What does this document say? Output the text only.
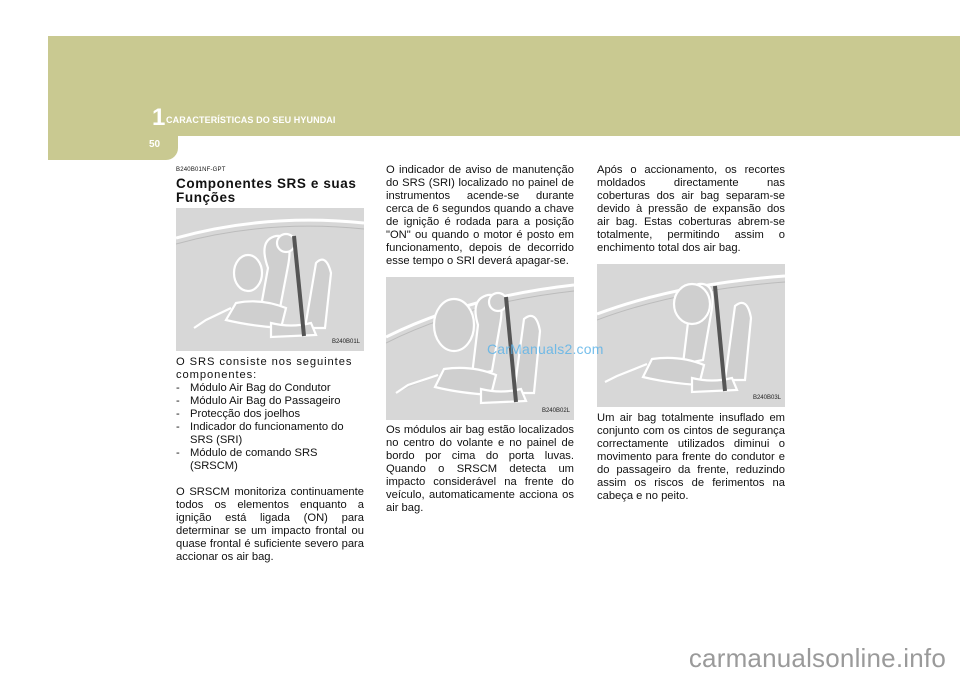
1 CARACTERÍSTICAS DO SEU HYUNDAI
50

B240B01NF-GPT

Componentes SRS e suas Funções

B240B01L

O SRS consiste nos seguintes componentes:

- Módulo Air Bag do Condutor
- Módulo Air Bag do Passageiro
- Protecção dos joelhos
- Indicador do funcionamento do SRS (SRI)
- Módulo de comando SRS (SRSCM)

O SRSCM monitoriza continuamente todos os elementos enquanto a ignição está ligada (ON) para determinar se um impacto frontal ou quase frontal é suficiente severo para accionar os air bag.

O indicador de aviso de manutenção do SRS (SRI) localizado no painel de instrumentos acende-se durante cerca de 6 segundos quando a chave de ignição é rodada para a posição "ON" ou quando o motor é posto em funcionamento, depois de decorrido esse tempo o SRI deverá apagar-se.

B240B02L

Os módulos air bag estão localizados no centro do volante e no painel de bordo por cima do porta luvas. Quando o SRSCM detecta um impacto considerável na frente do veículo, automaticamente acciona os air bag.

Após o accionamento, os recortes moldados directamente nas coberturas dos air bag separam-se devido à pressão de expansão dos air bag. Estas coberturas abrem-se totalmente, permitindo assim o enchimento total dos air bag.

B240B03L

Um air bag totalmente insuflado em conjunto com os cintos de segurança correctamente utilizados diminui o movimento para frente do condutor e do passageiro da frente, reduzindo assim os riscos de ferimentos na cabeça e no peito.

CarManuals2.com
carmanualsonline.info
